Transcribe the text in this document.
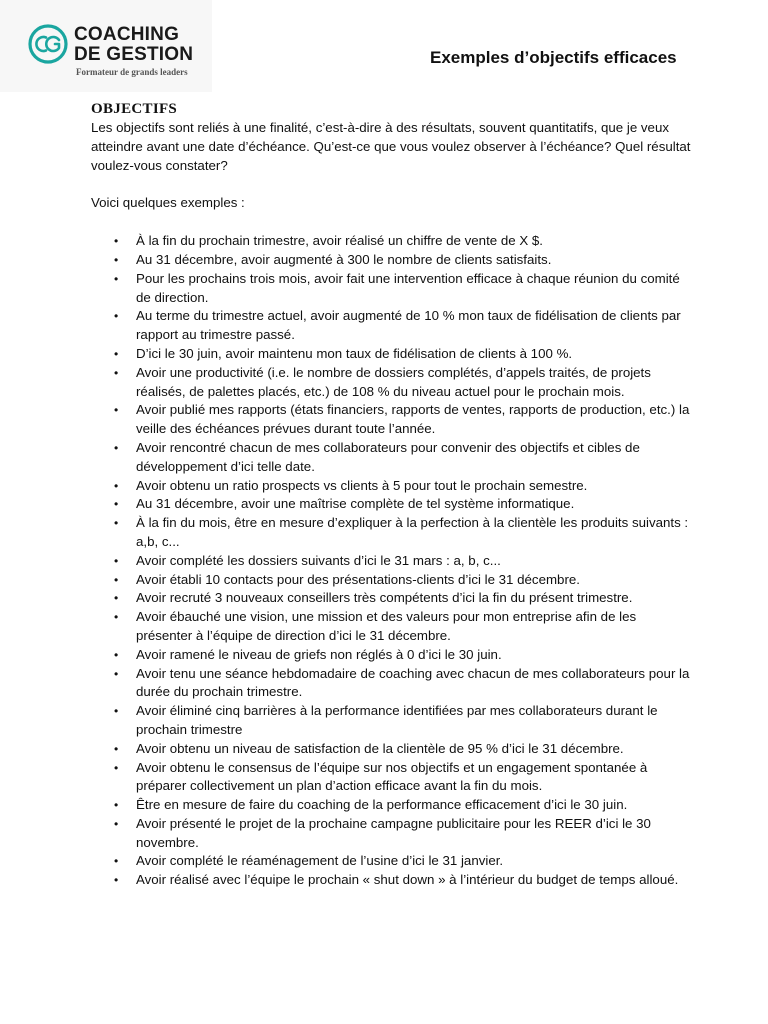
COACHING
DE GESTION
Formateur de grands leaders
Exemples d’objectifs efficaces
OBJECTIFS

Les objectifs sont reliés à une finalité, c’est-à-dire à des résultats, souvent quantitatifs, que je veux atteindre avant une date d’échéance. Qu’est-ce que vous voulez observer à l’échéance? Quel résultat voulez-vous constater?

Voici quelques exemples :

• À la fin du prochain trimestre, avoir réalisé un chiffre de vente de X $.
• Au 31 décembre, avoir augmenté à 300 le nombre de clients satisfaits.
• Pour les prochains trois mois, avoir fait une intervention efficace à chaque réunion du comité de direction.
• Au terme du trimestre actuel, avoir augmenté de 10 % mon taux de fidélisation de clients par rapport au trimestre passé.
• D’ici le 30 juin, avoir maintenu mon taux de fidélisation de clients à 100 %.
• Avoir une productivité (i.e. le nombre de dossiers complétés, d’appels traités, de projets réalisés, de palettes placés, etc.) de 108 % du niveau actuel pour le prochain mois.
• Avoir publié mes rapports (états financiers, rapports de ventes, rapports de production, etc.) la veille des échéances prévues durant toute l’année.
• Avoir rencontré chacun de mes collaborateurs pour convenir des objectifs et cibles de développement d’ici telle date.
• Avoir obtenu un ratio prospects vs clients à 5 pour tout le prochain semestre.
• Au 31 décembre, avoir une maîtrise complète de tel système informatique.
• À la fin du mois, être en mesure d’expliquer à la perfection à la clientèle les produits suivants : a,b, c...
• Avoir complété les dossiers suivants d’ici le 31 mars : a, b, c...
• Avoir établi 10 contacts pour des présentations-clients d’ici le 31 décembre.
• Avoir recruté 3 nouveaux conseillers très compétents d’ici la fin du présent trimestre.
• Avoir ébauché une vision, une mission et des valeurs pour mon entreprise afin de les présenter à l’équipe de direction d’ici le 31 décembre.
• Avoir ramené le niveau de griefs non réglés à 0 d’ici le 30 juin.
• Avoir tenu une séance hebdomadaire de coaching avec chacun de mes collaborateurs pour la durée du prochain trimestre.
• Avoir éliminé cinq barrières à la performance identifiées par mes collaborateurs durant le prochain trimestre
• Avoir obtenu un niveau de satisfaction de la clientèle de 95 % d’ici le 31 décembre.
• Avoir obtenu le consensus de l’équipe sur nos objectifs et un engagement spontanée à préparer collectivement un plan d’action efficace avant la fin du mois.
• Être en mesure de faire du coaching de la performance efficacement d’ici le 30 juin.
• Avoir présenté le projet de la prochaine campagne publicitaire pour les REER d’ici le 30 novembre.
• Avoir complété le réaménagement de l’usine d’ici le 31 janvier.
• Avoir réalisé avec l’équipe le prochain « shut down » à l’intérieur du budget de temps alloué.
